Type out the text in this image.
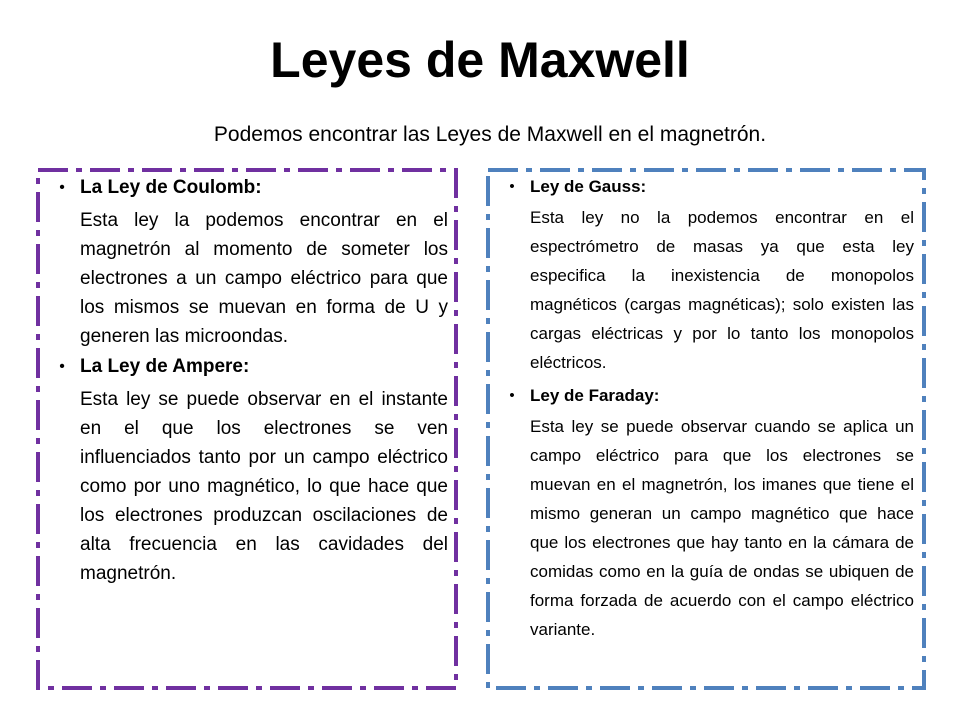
Leyes de Maxwell
Podemos encontrar las Leyes de Maxwell en el magnetrón.
• La Ley de Coulomb:
Esta ley la podemos encontrar en el magnetrón al momento de someter los electrones a un campo eléctrico para que los mismos se muevan en forma de U y generen las microondas.
• La Ley de Ampere:
Esta ley se puede observar en el instante en el que los electrones se ven influenciados tanto por un campo eléctrico como por uno magnético, lo que hace que los electrones produzcan oscilaciones de alta frecuencia en las cavidades del magnetrón.
• Ley de Gauss:
Esta ley no la podemos encontrar en el espectrómetro de masas ya que esta ley especifica la inexistencia de monopolos magnéticos (cargas magnéticas); solo existen las cargas eléctricas y por lo tanto los monopolos eléctricos.
• Ley de Faraday:
Esta ley se puede observar cuando se aplica un campo eléctrico para que los electrones se muevan en el magnetrón, los imanes que tiene el mismo generan un campo magnético que hace que los electrones que hay tanto en la cámara de comidas como en la guía de ondas se ubiquen de forma forzada de acuerdo con el campo eléctrico variante.
